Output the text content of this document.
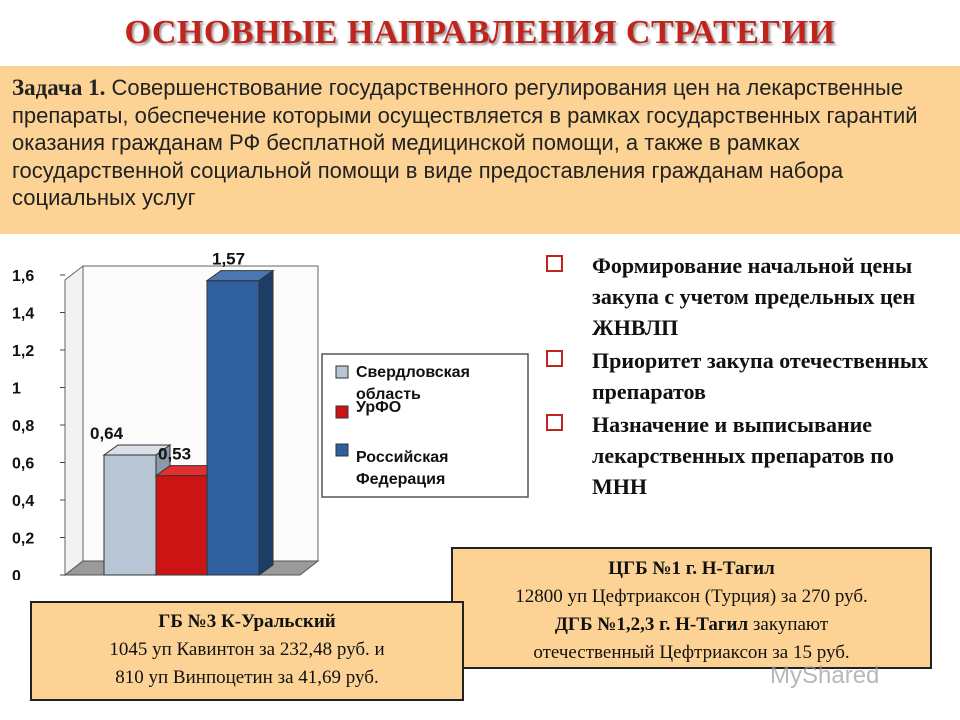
ОСНОВНЫЕ НАПРАВЛЕНИЯ СТРАТЕГИИ
Задача 1. Совершенствование государственного регулирования цен на лекарственные препараты, обеспечение которыми осуществляется в рамках государственных гарантий оказания гражданам РФ бесплатной медицинской помощи, а также в рамках государственной социальной помощи в виде предоставления гражданам набора социальных услуг
0
0,2
0,4
0,6
0,8
1
1,2
1,4
1,6
0,64
0,53
1,57
Свердловская область
УрФО
Российская Федерация
Формирование начальной цены закупа с учетом предельных цен ЖНВЛП
Приоритет закупа отечественных препаратов
Назначение и выписывание лекарственных препаратов по МНН
ЦГБ №1 г. Н-Тагил
12800 уп Цефтриаксон (Турция) за 270 руб.
ДГБ №1,2,3 г. Н-Тагил закупают
отечественный Цефтриаксон за 15 руб.
ГБ №3 К-Уральский
1045 уп Кавинтон за 232,48 руб. и
810 уп Винпоцетин за 41,69 руб.	MyShared
